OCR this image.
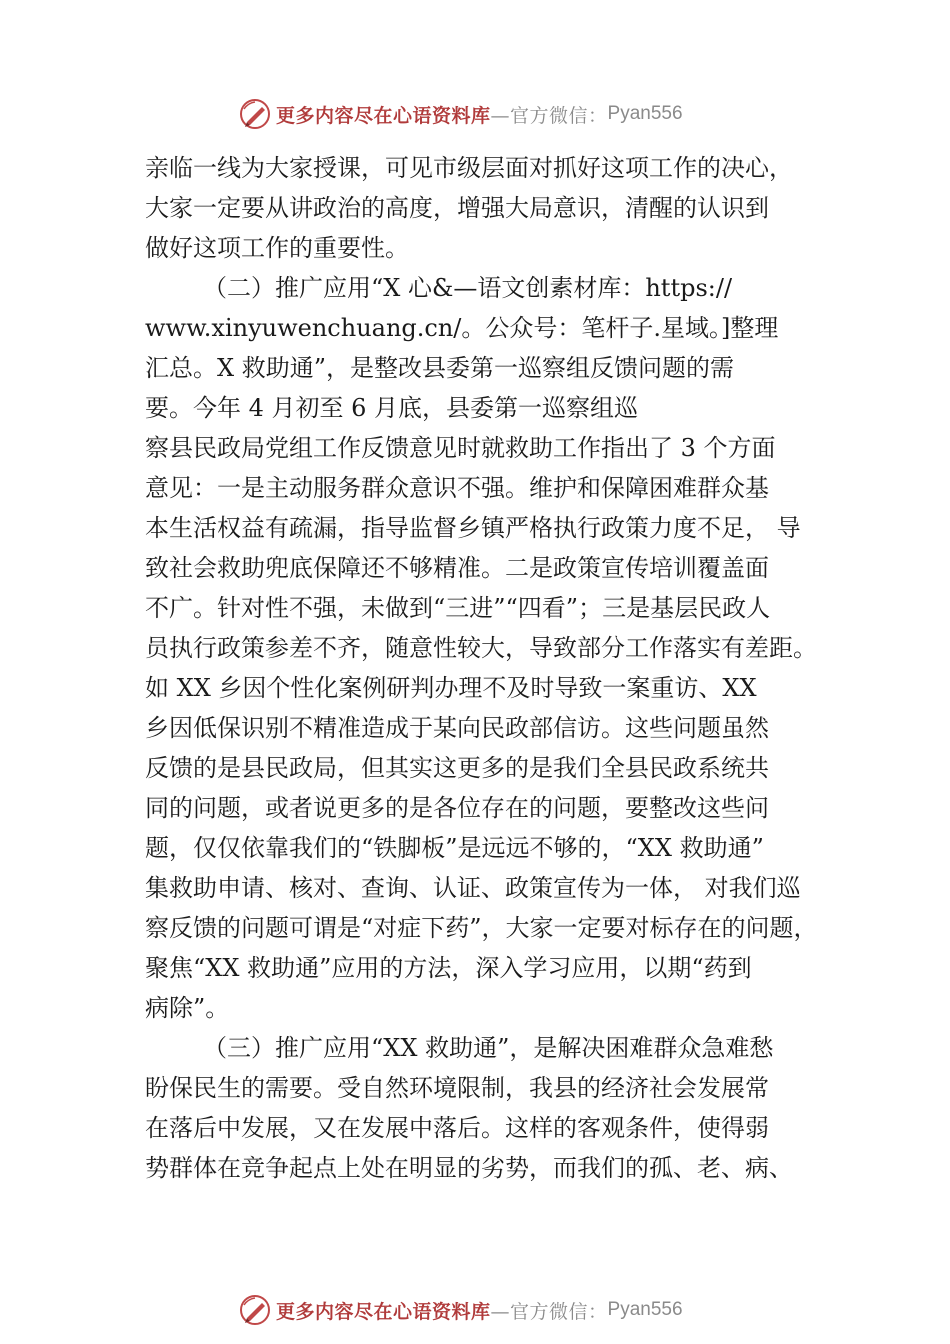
更多内容尽在心语资料库 —官方微信： Pyan556
亲临一线为大家授课，可见市级层面对抓好这项工作的决心，
大家一定要从讲政治的高度，增强大局意识，清醒的认识到
做好这项工作的重要性。
（二）推广应用“X 心&—语文创素材库：https://
www.xinyuwenchuang.cn/。公众号：笔杆子.星域。]整理
汇总。X 救助通”，是整改县委第一巡察组反馈问题的需
要。今年 4 月初至 6 月底，县委第一巡察组巡
察县民政局党组工作反馈意见时就救助工作指出了 3 个方面
意见：一是主动服务群众意识不强。维护和保障困难群众基
本生活权益有疏漏，指导监督乡镇严格执行政策力度不足， 导
致社会救助兜底保障还不够精准。二是政策宣传培训覆盖面
不广。针对性不强，未做到“三进”“四看”；三是基层民政人
员执行政策参差不齐，随意性较大，导致部分工作落实有差距。
如 XX 乡因个性化案例研判办理不及时导致一案重访、XX
乡因低保识别不精准造成于某向民政部信访。这些问题虽然
反馈的是县民政局，但其实这更多的是我们全县民政系统共
同的问题，或者说更多的是各位存在的问题，要整改这些问
题，仅仅依靠我们的“铁脚板”是远远不够的，“XX 救助通”
集救助申请、核对、查询、认证、政策宣传为一体， 对我们巡
察反馈的问题可谓是“对症下药”，大家一定要对标存在的问题，
聚焦“XX 救助通”应用的方法，深入学习应用，以期“药到
病除”。
（三）推广应用“XX 救助通”，是解决困难群众急难愁
盼保民生的需要。受自然环境限制，我县的经济社会发展常
在落后中发展，又在发展中落后。这样的客观条件，使得弱
势群体在竞争起点上处在明显的劣势，而我们的孤、老、病、
更多内容尽在心语资料库 —官方微信： Pyan556
